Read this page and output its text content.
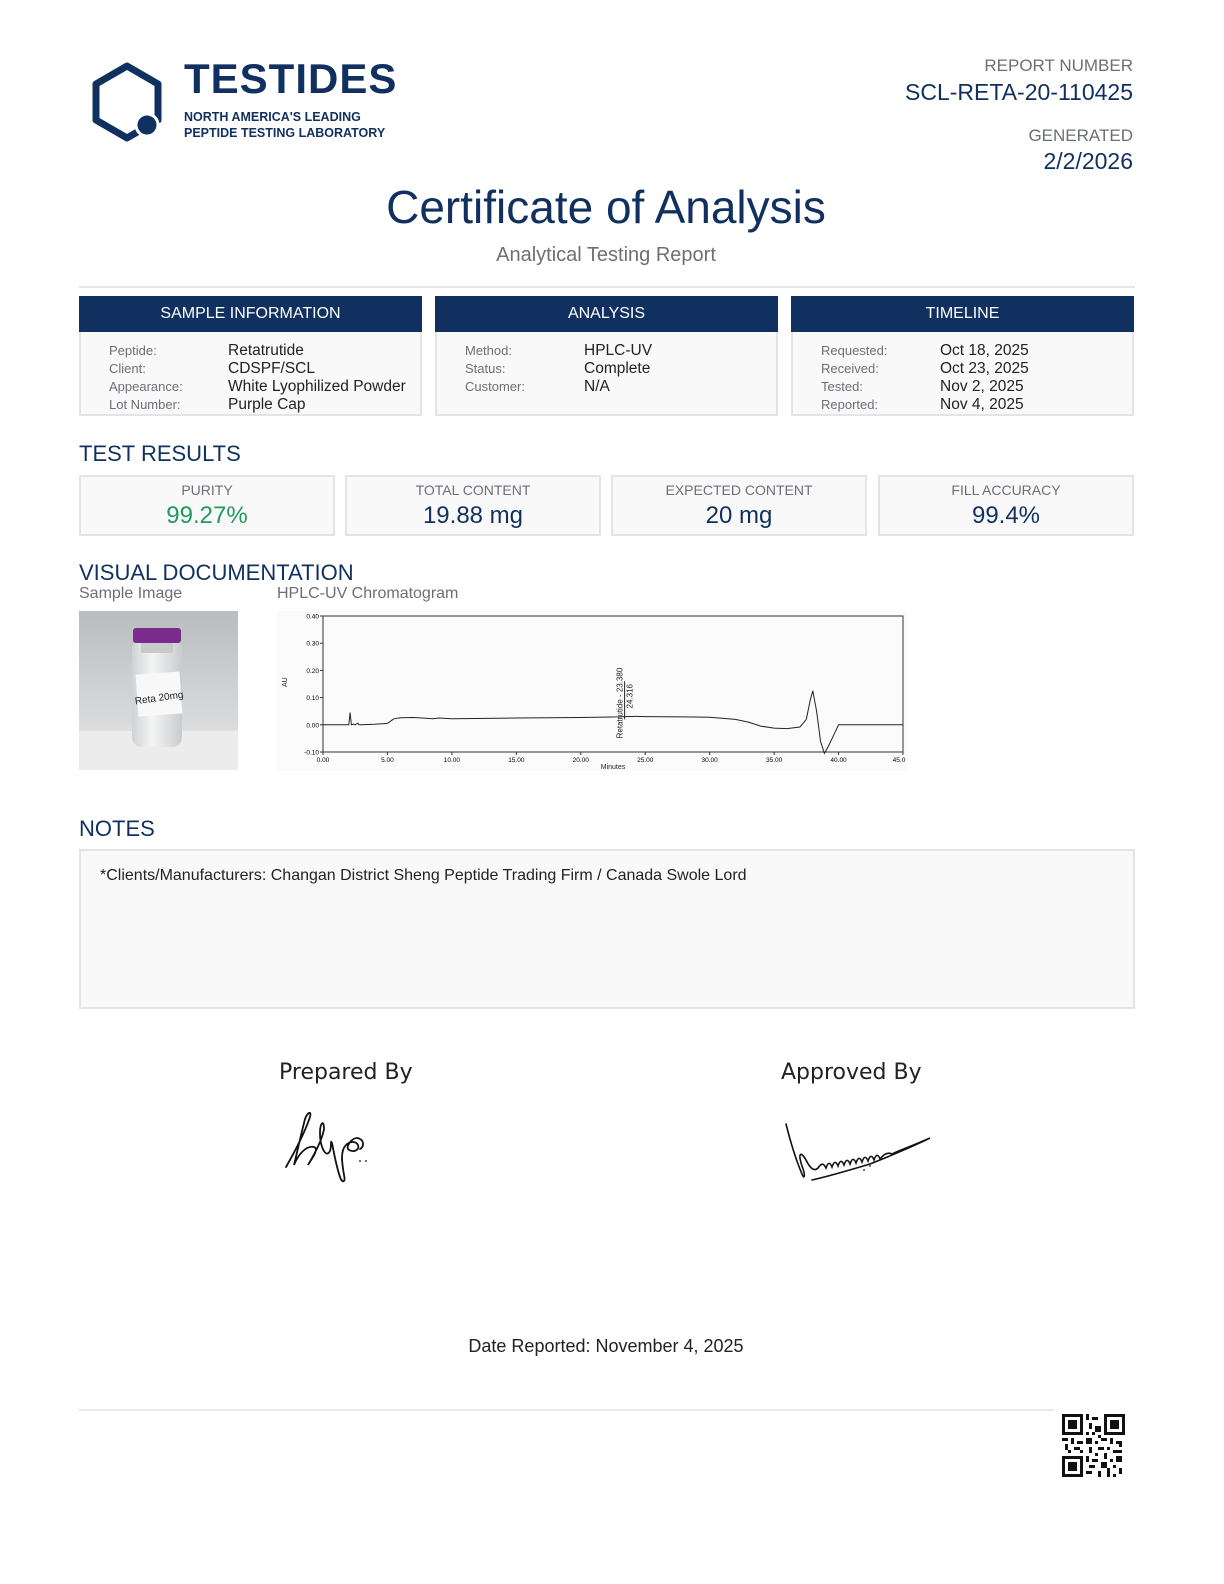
TESTIDES
NORTH AMERICA'S LEADING
PEPTIDE TESTING LABORATORY
REPORT NUMBER
SCL-RETA-20-110425
GENERATED
2/2/2026
Certificate of Analysis
Analytical Testing Report
SAMPLE INFORMATION
Peptide:	Retatrutide
Client:	CDSPF/SCL
Appearance:	White Lyophilized Powder
Lot Number:	Purple Cap
ANALYSIS
Method:	HPLC-UV
Status:	Complete
Customer:	N/A
TIMELINE
Requested:	Oct 18, 2025
Received:	Oct 23, 2025
Tested:	Nov 2, 2025
Reported:	Nov 4, 2025
TEST RESULTS
PURITY
99.27%
TOTAL CONTENT
19.88 mg
EXPECTED CONTENT
20 mg
FILL ACCURACY
99.4%
VISUAL DOCUMENTATION
Sample Image	HPLC-UV Chromatogram
Reta 20mg
0.40
0.30
0.20
0.10
0.00
-0.10
0.00	5.00	10.00	15.00	20.00	25.00	30.00	35.00	40.00	45.0
Retatrutide - 23.380 24.316
AU
Minutes
NOTES
*Clients/Manufacturers: Changan District Sheng Peptide Trading Firm / Canada Swole Lord
Prepared By	Approved By
Date Reported: November 4, 2025
